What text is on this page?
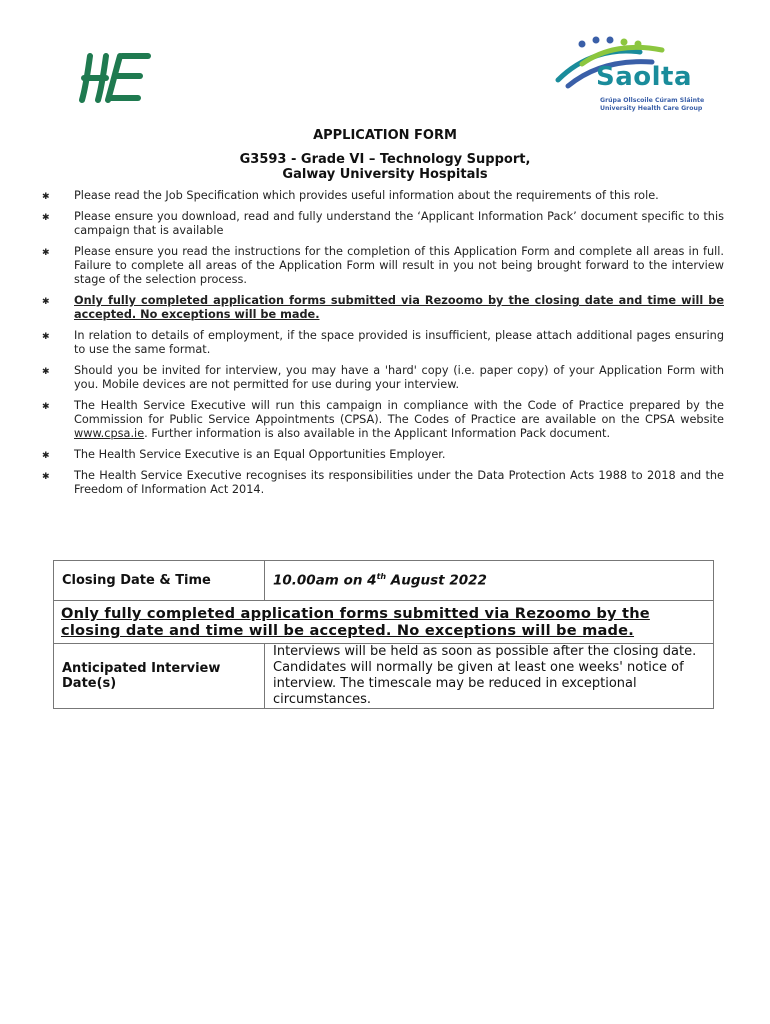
Saolta
Grúpa Ollscoile Cúram Sláinte
University Health Care Group
APPLICATION FORM
G3593 - Grade VI – Technology Support,
Galway University Hospitals
✱ Please read the Job Specification which provides useful information about the requirements of this role.
✱ Please ensure you download, read and fully understand the ‘Applicant Information Pack’ document specific to this campaign that is available
✱ Please ensure you read the instructions for the completion of this Application Form and complete all areas in full. Failure to complete all areas of the Application Form will result in you not being brought forward to the interview stage of the selection process.
✱ Only fully completed application forms submitted via Rezoomo by the closing date and time will be accepted. No exceptions will be made.
✱ In relation to details of employment, if the space provided is insufficient, please attach additional pages ensuring to use the same format.
✱ Should you be invited for interview, you may have a 'hard' copy (i.e. paper copy) of your Application Form with you. Mobile devices are not permitted for use during your interview.
✱ The Health Service Executive will run this campaign in compliance with the Code of Practice prepared by the Commission for Public Service Appointments (CPSA). The Codes of Practice are available on the CPSA website www.cpsa.ie. Further information is also available in the Applicant Information Pack document.
✱ The Health Service Executive is an Equal Opportunities Employer.
✱ The Health Service Executive recognises its responsibilities under the Data Protection Acts 1988 to 2018 and the Freedom of Information Act 2014.
Closing Date & Time	10.00am on 4th August 2022
Only fully completed application forms submitted via Rezoomo by the closing date and time will be accepted. No exceptions will be made.	
Anticipated Interview Date(s)	Interviews will be held as soon as possible after the closing date. Candidates will normally be given at least one weeks' notice of interview. The timescale may be reduced in exceptional circumstances.
